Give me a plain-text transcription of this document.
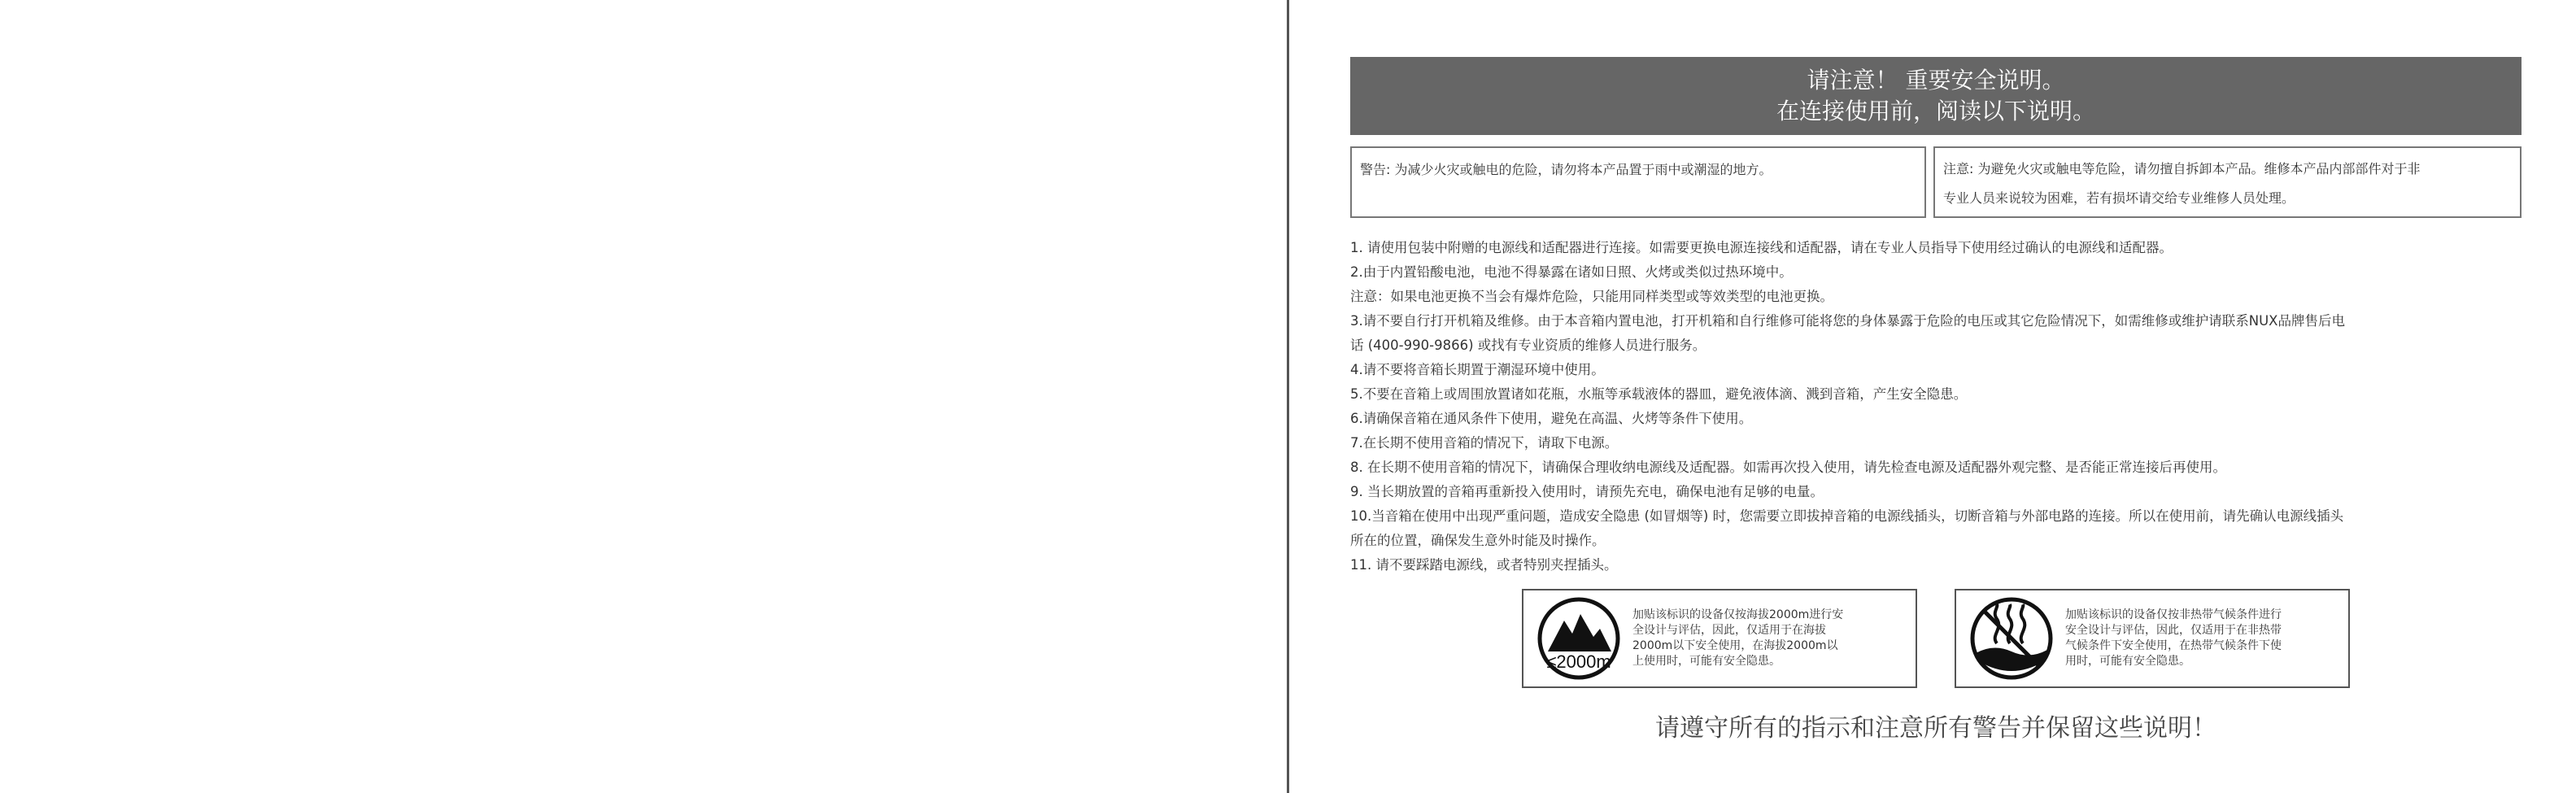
请注意！ 重要安全说明。
在连接使用前，阅读以下说明。
警告: 为减少火灾或触电的危险，请勿将本产品置于雨中或潮湿的地方。	注意: 为避免火灾或触电等危险，请勿擅自拆卸本产品。维修本产品内部部件对于非
专业人员来说较为困难，若有损坏请交给专业维修人员处理。
1. 请使用包装中附赠的电源线和适配器进行连接。如需要更换电源连接线和适配器，请在专业人员指导下使用经过确认的电源线和适配器。
2.由于内置铅酸电池，电池不得暴露在诸如日照、火烤或类似过热环境中。
注意：如果电池更换不当会有爆炸危险，只能用同样类型或等效类型的电池更换。
3.请不要自行打开机箱及维修。由于本音箱内置电池，打开机箱和自行维修可能将您的身体暴露于危险的电压或其它危险情况下，如需维修或维护请联系NUX品牌售后电
话 (400-990-9866) 或找有专业资质的维修人员进行服务。
4.请不要将音箱长期置于潮湿环境中使用。
5.不要在音箱上或周围放置诸如花瓶，水瓶等承载液体的器皿，避免液体滴、溅到音箱，产生安全隐患。
6.请确保音箱在通风条件下使用，避免在高温、火烤等条件下使用。
7.在长期不使用音箱的情况下，请取下电源。
8. 在长期不使用音箱的情况下，请确保合理收纳电源线及适配器。如需再次投入使用，请先检查电源及适配器外观完整、是否能正常连接后再使用。
9. 当长期放置的音箱再重新投入使用时，请预先充电，确保电池有足够的电量。
10.当音箱在使用中出现严重问题，造成安全隐患 (如冒烟等) 时，您需要立即拔掉音箱的电源线插头，切断音箱与外部电路的连接。所以在使用前，请先确认电源线插头
所在的位置，确保发生意外时能及时操作。
11. 请不要踩踏电源线，或者特别夹捏插头。
≤2000m
加贴该标识的设备仅按海拔2000m进行安
全设计与评估，因此，仅适用于在海拔
2000m以下安全使用，在海拔2000m以
上使用时，可能有安全隐患。
加贴该标识的设备仅按非热带气候条件进行
安全设计与评估，因此，仅适用于在非热带
气候条件下安全使用，在热带气候条件下使
用时，可能有安全隐患。
请遵守所有的指示和注意所有警告并保留这些说明！
